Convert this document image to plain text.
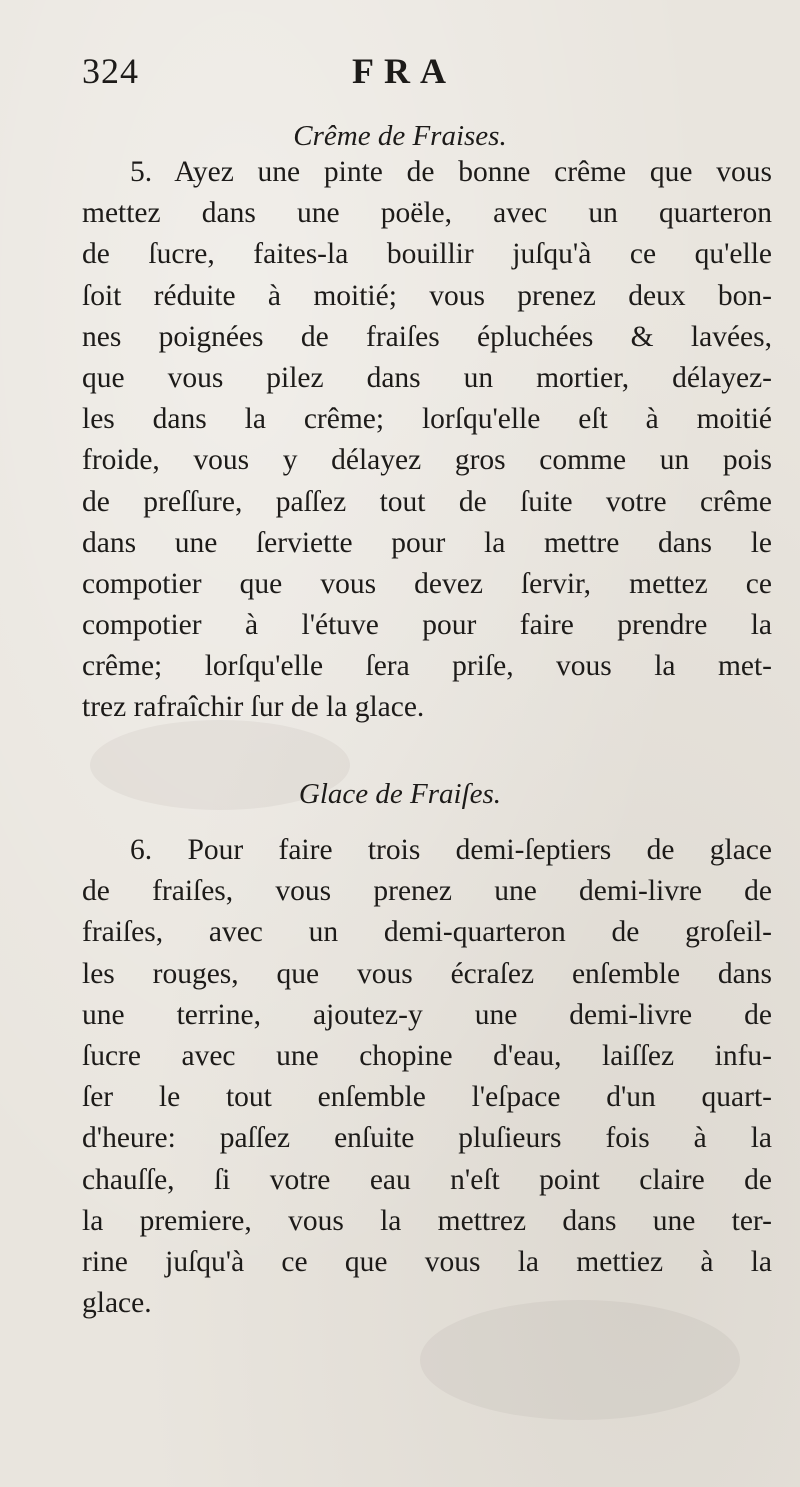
324	FRA
Crême de Fraises.
5. Ayez une pinte de bonne crême que vous
mettez dans une poële, avec un quarteron
de ſucre, faites-la bouillir juſqu'à ce qu'elle
ſoit réduite à moitié; vous prenez deux bon-
nes poignées de fraiſes épluchées & lavées,
que vous pilez dans un mortier, délayez-
les dans la crême; lorſqu'elle eſt à moitié
froide, vous y délayez gros comme un pois
de preſſure, paſſez tout de ſuite votre crême
dans une ſerviette pour la mettre dans le
compotier que vous devez ſervir, mettez ce
compotier à l'étuve pour faire prendre la
crême; lorſqu'elle ſera priſe, vous la met-
trez rafraîchir ſur de la glace.
Glace de Fraiſes.
6. Pour faire trois demi-ſeptiers de glace
de fraiſes, vous prenez une demi-livre de
fraiſes, avec un demi-quarteron de groſeil-
les rouges, que vous écraſez enſemble dans
une terrine, ajoutez-y une demi-livre de
ſucre avec une chopine d'eau, laiſſez infu-
ſer le tout enſemble l'eſpace d'un quart-
d'heure: paſſez enſuite pluſieurs fois à la
chauſſe, ſi votre eau n'eſt point claire de
la premiere, vous la mettrez dans une ter-
rine juſqu'à ce que vous la mettiez à la
glace.
